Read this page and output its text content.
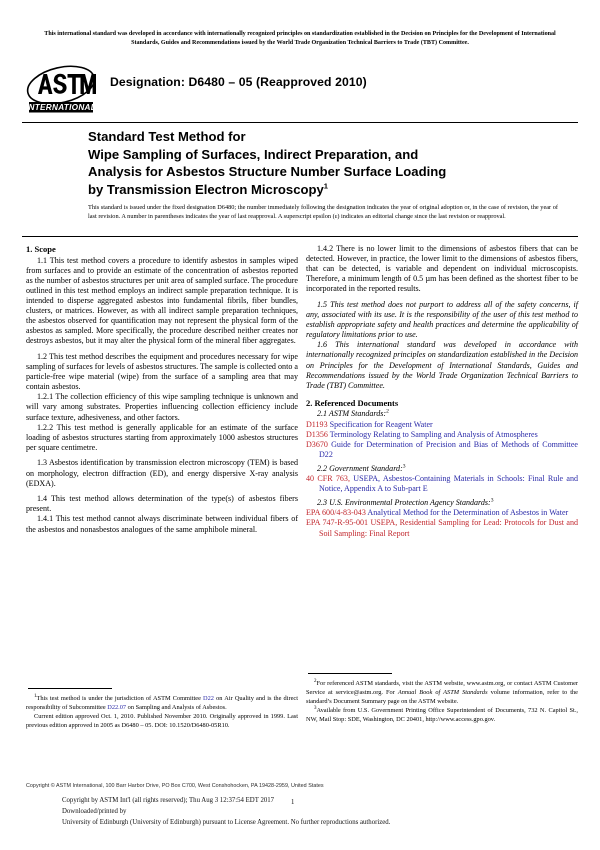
This international standard was developed in accordance with internationally recognized principles on standardization established in the Decision on Principles for the Development of International Standards, Guides and Recommendations issued by the World Trade Organization Technical Barriers to Trade (TBT) Committee.
INTERNATIONAL
Designation: D6480 – 05 (Reapproved 2010)
Standard Test Method for
Wipe Sampling of Surfaces, Indirect Preparation, and
Analysis for Asbestos Structure Number Surface Loading
by Transmission Electron Microscopy$^1$
This standard is issued under the fixed designation D6480; the number immediately following the designation indicates the year of original adoption or, in the case of revision, the year of last revision. A number in parentheses indicates the year of last reapproval. A superscript epsilon (ε) indicates an editorial change since the last revision or reapproval.
1. Scope

1.1 This test method covers a procedure to identify asbestos in samples wiped from surfaces and to provide an estimate of the concentration of asbestos reported as the number of asbestos structures per unit area of sampled surface. The procedure outlined in this test method employs an indirect sample preparation technique. It is intended to disperse aggregated asbestos into fundamental fibrils, fiber bundles, clusters, or matrices. However, as with all indirect sample preparation techniques, the asbestos observed for quantification may not represent the physical form of the asbestos as sampled. More specifically, the procedure described neither creates nor destroys asbestos, but it may alter the physical form of the mineral fiber aggregates.

1.2 This test method describes the equipment and procedures necessary for wipe sampling of surfaces for levels of asbestos structures. The sample is collected onto a particle-free wipe material (wipe) from the surface of a sampling area that may contain asbestos.

1.2.1 The collection efficiency of this wipe sampling technique is unknown and will vary among substrates. Properties influencing collection efficiency include surface texture, adhesiveness, and other factors.

1.2.2 This test method is generally applicable for an estimate of the surface loading of asbestos structures starting from approximately 1000 asbestos structures per square centimetre.

1.3 Asbestos identification by transmission electron microscopy (TEM) is based on morphology, electron diffraction (ED), and energy dispersive X-ray analysis (EDXA).

1.4 This test method allows determination of the type(s) of asbestos fibers present.

1.4.1 This test method cannot always discriminate between individual fibers of the asbestos and nonasbestos analogues of the same amphibole mineral.

1.4.2 There is no lower limit to the dimensions of asbestos fibers that can be detected. However, in practice, the lower limit to the dimensions of asbestos fibers, that can be detected, is variable and dependent on individual microscopists. Therefore, a minimum length of 0.5 µm has been defined as the shortest fiber to be incorporated in the reported results.

1.5 This test method does not purport to address all of the safety concerns, if any, associated with its use. It is the responsibility of the user of this test method to establish appropriate safety and health practices and determine the applicability of regulatory limitations prior to use.

1.6 This international standard was developed in accordance with internationally recognized principles on standardization established in the Decision on Principles for the Development of International Standards, Guides and Recommendations issued by the World Trade Organization Technical Barriers to Trade (TBT) Committee.

2. Referenced Documents

2.1 ASTM Standards:$^2$

D1193 Specification for Reagent Water

D1356 Terminology Relating to Sampling and Analysis of Atmospheres

D3670 Guide for Determination of Precision and Bias of Methods of Committee D22

2.2 Government Standard:$^3$

40 CFR 763, USEPA, Asbestos-Containing Materials in Schools: Final Rule and Notice, Appendix A to Sub-part E

2.3 U.S. Environmental Protection Agency Standards:$^3$

EPA 600/4-83-043 Analytical Method for the Determination of Asbestos in Water

EPA 747-R-95-001 USEPA, Residential Sampling for Lead: Protocols for Dust and Soil Sampling: Final Report

$^1$This test method is under the jurisdiction of ASTM Committee D22 on Air Quality and is the direct responsibility of Subcommittee D22.07 on Sampling and Analysis of Asbestos.

Current edition approved Oct. 1, 2010. Published November 2010. Originally approved in 1999. Last previous edition approved in 2005 as D6480 – 05. DOI: 10.1520/D6480-05R10.

$^2$For referenced ASTM standards, visit the ASTM website, www.astm.org, or contact ASTM Customer Service at service@astm.org. For Annual Book of ASTM Standards volume information, refer to the standard’s Document Summary page on the ASTM website.

$^3$Available from U.S. Government Printing Office Superintendent of Documents, 732 N. Capitol St., NW, Mail Stop: SDE, Washington, DC 20401, http://www.access.gpo.gov.

Copyright © ASTM International, 100 Barr Harbor Drive, PO Box C700, West Conshohocken, PA 19428-2959, United States
Copyright by ASTM Int'l (all rights reserved); Thu Aug 3 12:37:54 EDT 2017
Downloaded/printed by
University of Edinburgh (University of Edinburgh) pursuant to License Agreement. No further reproductions authorized.
1
